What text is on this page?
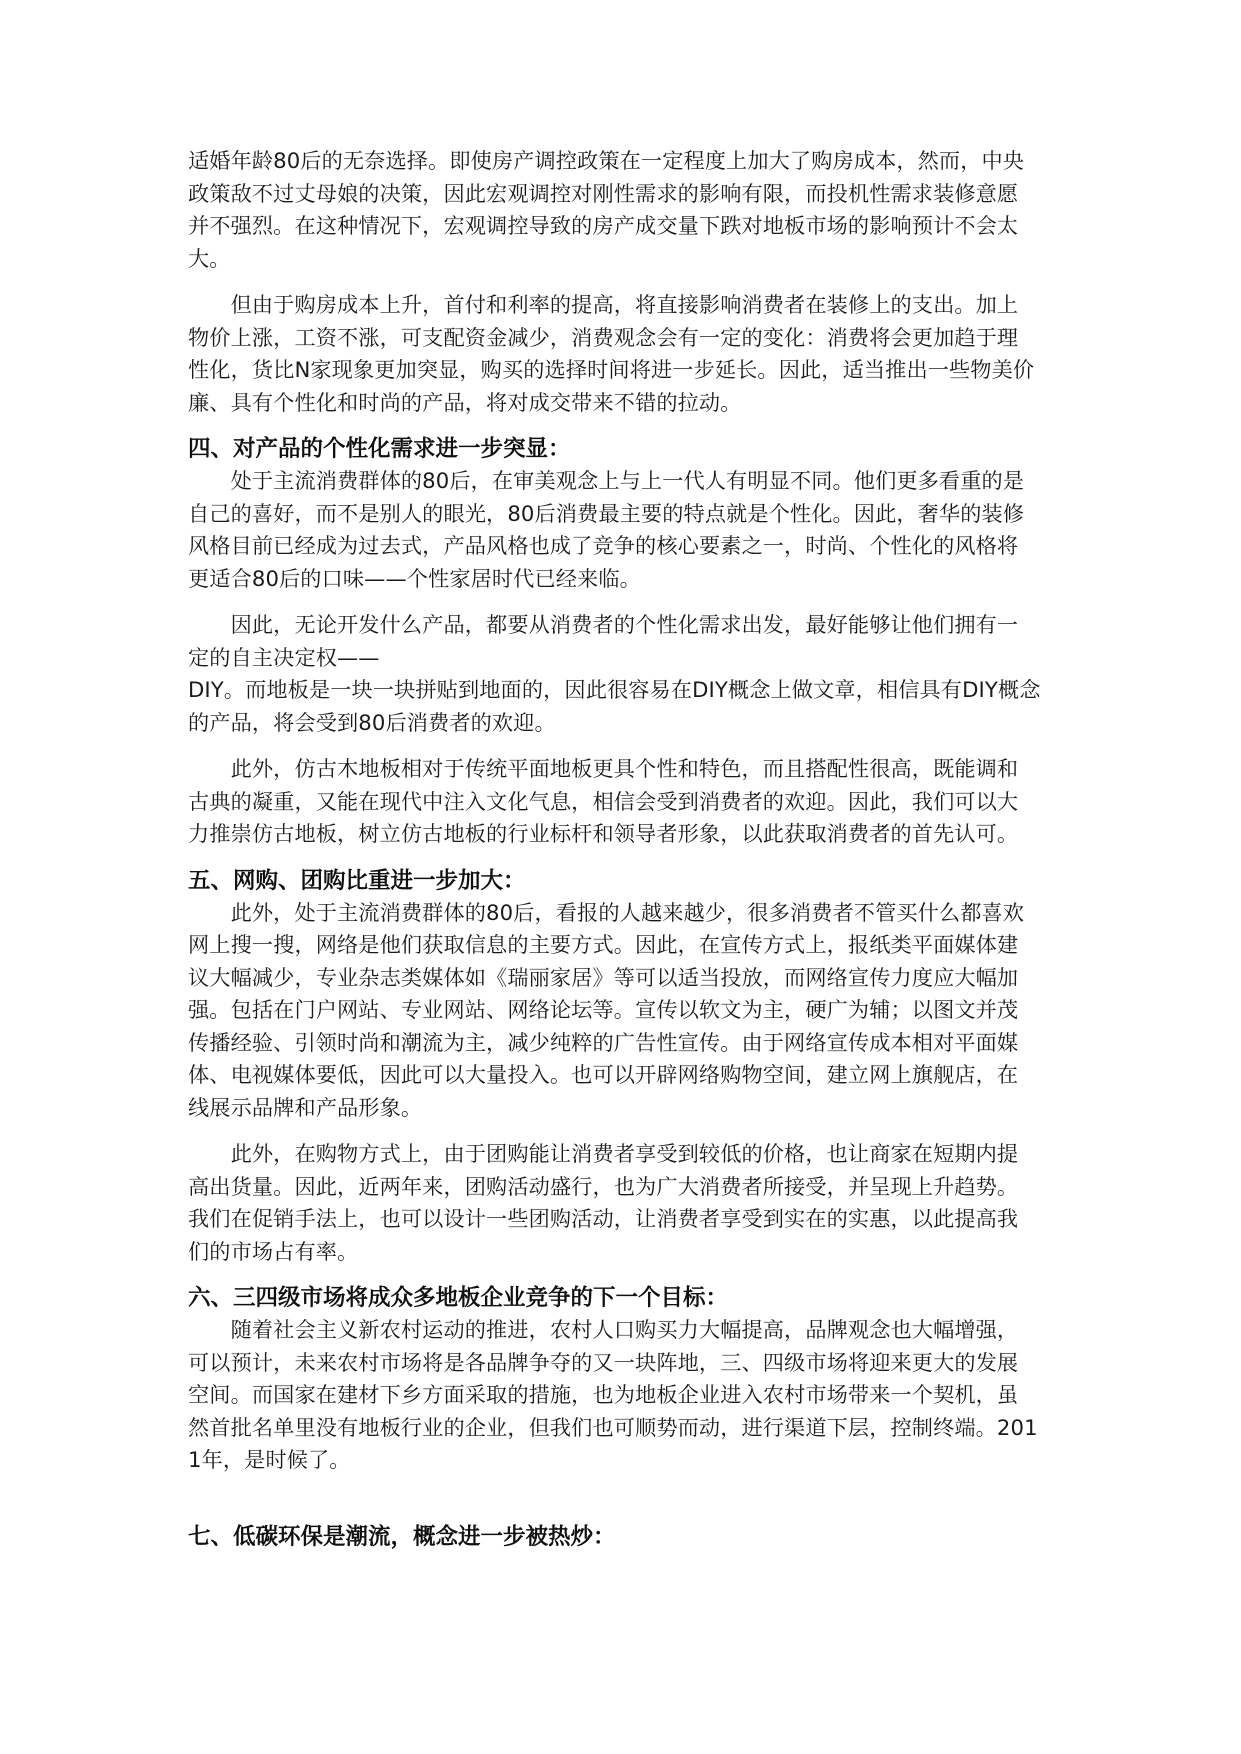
适婚年龄80后的无奈选择。即使房产调控政策在一定程度上加大了购房成本，然而，中央
政策敌不过丈母娘的决策，因此宏观调控对刚性需求的影响有限，而投机性需求装修意愿
并不强烈。在这种情况下，宏观调控导致的房产成交量下跌对地板市场的影响预计不会太
大。

　　但由于购房成本上升，首付和利率的提高，将直接影响消费者在装修上的支出。加上
物价上涨，工资不涨，可支配资金减少，消费观念会有一定的变化：消费将会更加趋于理
性化，货比N家现象更加突显，购买的选择时间将进一步延长。因此，适当推出一些物美价
廉、具有个性化和时尚的产品，将对成交带来不错的拉动。

四、对产品的个性化需求进一步突显：

　　处于主流消费群体的80后，在审美观念上与上一代人有明显不同。他们更多看重的是
自己的喜好，而不是别人的眼光，80后消费最主要的特点就是个性化。因此，奢华的装修
风格目前已经成为过去式，产品风格也成了竞争的核心要素之一，时尚、个性化的风格将
更适合80后的口味——个性家居时代已经来临。

　　因此，无论开发什么产品，都要从消费者的个性化需求出发，最好能够让他们拥有一
定的自主决定权——
DIY。而地板是一块一块拼贴到地面的，因此很容易在DIY概念上做文章，相信具有DIY概念
的产品，将会受到80后消费者的欢迎。

　　此外，仿古木地板相对于传统平面地板更具个性和特色，而且搭配性很高，既能调和
古典的凝重，又能在现代中注入文化气息，相信会受到消费者的欢迎。因此，我们可以大
力推崇仿古地板，树立仿古地板的行业标杆和领导者形象，以此获取消费者的首先认可。

五、网购、团购比重进一步加大：

　　此外，处于主流消费群体的80后，看报的人越来越少，很多消费者不管买什么都喜欢
网上搜一搜，网络是他们获取信息的主要方式。因此，在宣传方式上，报纸类平面媒体建
议大幅减少，专业杂志类媒体如《瑞丽家居》等可以适当投放，而网络宣传力度应大幅加
强。包括在门户网站、专业网站、网络论坛等。宣传以软文为主，硬广为辅；以图文并茂
传播经验、引领时尚和潮流为主，减少纯粹的广告性宣传。由于网络宣传成本相对平面媒
体、电视媒体要低，因此可以大量投入。也可以开辟网络购物空间，建立网上旗舰店，在
线展示品牌和产品形象。

　　此外，在购物方式上，由于团购能让消费者享受到较低的价格，也让商家在短期内提
高出货量。因此，近两年来，团购活动盛行，也为广大消费者所接受，并呈现上升趋势。
我们在促销手法上，也可以设计一些团购活动，让消费者享受到实在的实惠，以此提高我
们的市场占有率。

六、三四级市场将成众多地板企业竞争的下一个目标：

　　随着社会主义新农村运动的推进，农村人口购买力大幅提高，品牌观念也大幅增强，
可以预计，未来农村市场将是各品牌争夺的又一块阵地，三、四级市场将迎来更大的发展
空间。而国家在建材下乡方面采取的措施，也为地板企业进入农村市场带来一个契机，虽
然首批名单里没有地板行业的企业，但我们也可顺势而动，进行渠道下层，控制终端。201
1年，是时候了。

七、低碳环保是潮流，概念进一步被热炒：
